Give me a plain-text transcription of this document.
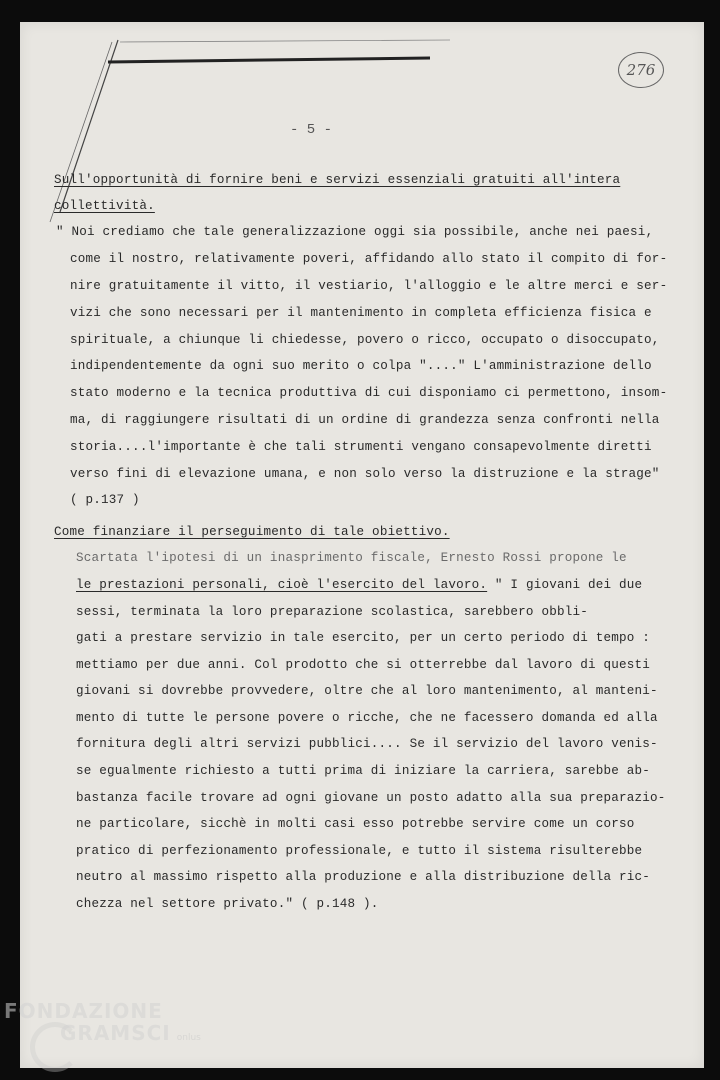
276
- 5 -
Sull'opportunità di fornire beni e servizi essenziali gratuiti all'intera
collettività.
" Noi crediamo che tale generalizzazione oggi sia possibile, anche nei paesi,
come il nostro, relativamente poveri, affidando allo stato il compito di for-
nire gratuitamente il vitto, il vestiario, l'alloggio e le altre merci e ser-
vizi che sono necessari per il mantenimento in completa efficienza fisica e
spirituale, a chiunque li chiedesse, povero o ricco, occupato o disoccupato,
indipendentemente da ogni suo merito o colpa "...." L'amministrazione dello
stato moderno e la tecnica produttiva di cui disponiamo ci permettono, insom-
ma, di raggiungere risultati di un ordine di grandezza senza confronti nella
storia....l'importante è che tali strumenti vengano consapevolmente diretti
verso fini di elevazione umana, e non solo verso la distruzione e la strage"
( p.137 )
Come finanziare il perseguimento di tale obiettivo.
Scartata l'ipotesi di un inasprimento fiscale, Ernesto Rossi propone le
le prestazioni personali, cioè l'esercito del lavoro. " I giovani dei due
sessi, terminata la loro preparazione scolastica, sarebbero obbli-
gati a prestare servizio in tale esercito, per un certo periodo di tempo :
mettiamo per due anni. Col prodotto che si otterrebbe dal lavoro di questi
giovani si dovrebbe provvedere, oltre che al loro mantenimento, al manteni-
mento di tutte le persone povere o ricche, che ne facessero domanda ed alla
fornitura degli altri servizi pubblici.... Se il servizio del lavoro venis-
se egualmente richiesto a tutti prima di iniziare la carriera, sarebbe ab-
bastanza facile trovare ad ogni giovane un posto adatto alla sua preparazio-
ne particolare, sicchè in molti casi esso potrebbe servire come un corso
pratico di perfezionamento professionale, e tutto il sistema risulterebbe
neutro al massimo rispetto alla produzione e alla distribuzione della ric-
chezza nel settore privato." ( p.148 ).
FONDAZIONE
GRAMSCI onlus
